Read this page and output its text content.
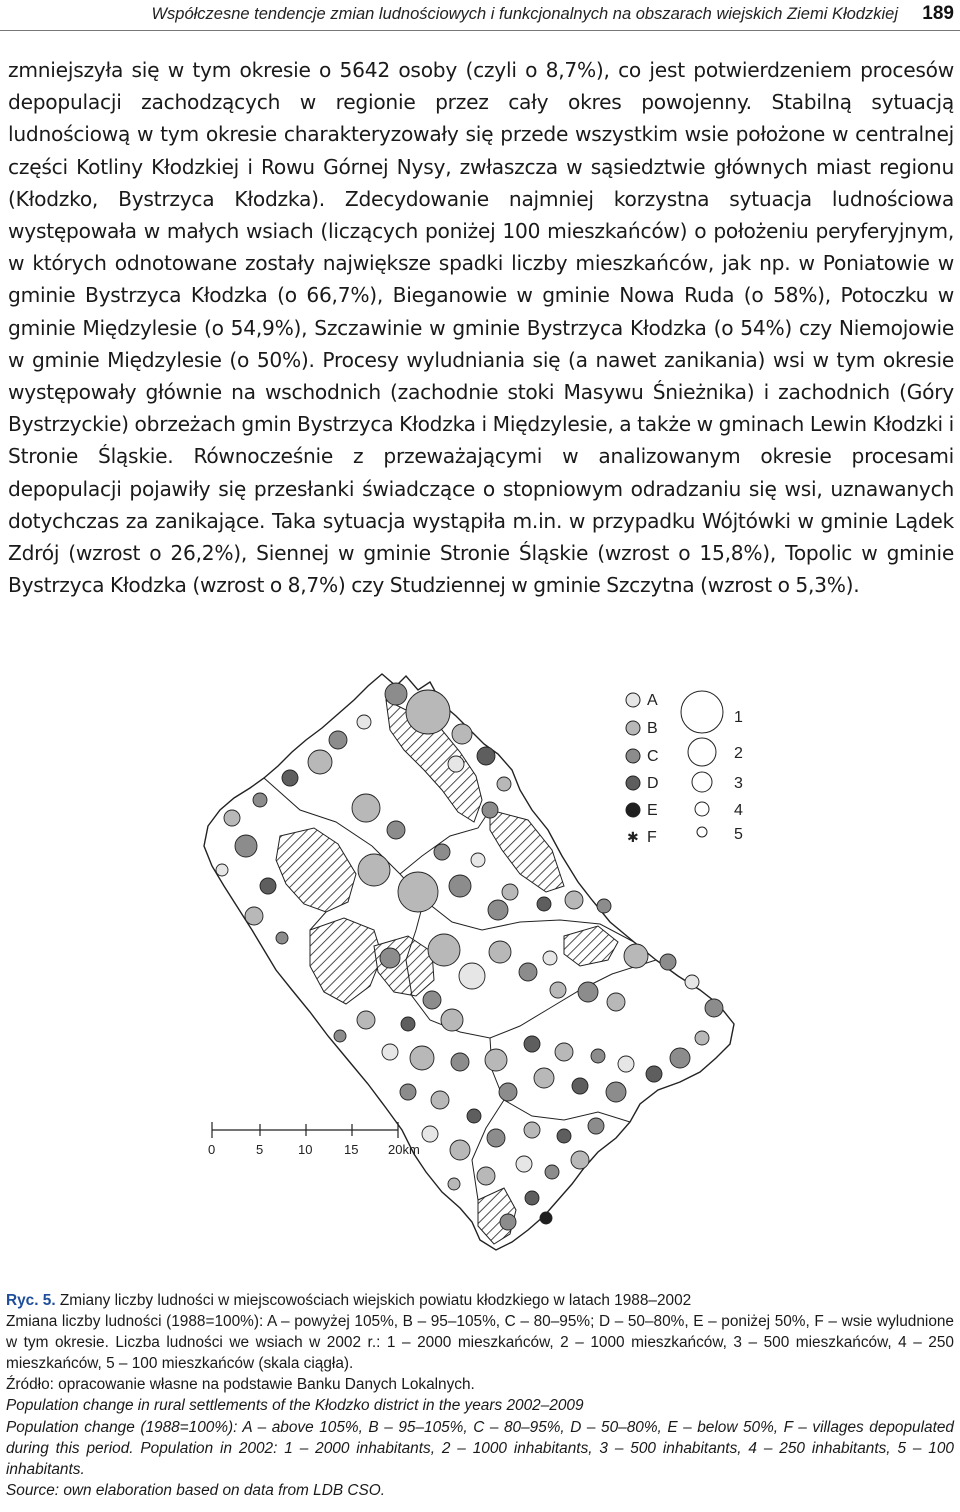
Współczesne tendencje zmian ludnościowych i funkcjonalnych na obszarach wiejskich Ziemi Kłodzkiej 189

zmniejszyła się w tym okresie o 5642 osoby (czyli o 8,7%), co jest potwierdzeniem procesów depopulacji zachodzących w regionie przez cały okres powojenny. Stabilną sytuacją ludnościową w tym okresie charakteryzowały się przede wszystkim wsie położone w centralnej części Kotliny Kłodzkiej i Rowu Górnej Nysy, zwłaszcza w sąsiedztwie głównych miast regionu (Kłodzko, Bystrzyca Kłodzka). Zdecydowanie najmniej korzystna sytuacja ludnościowa występowała w małych wsiach (liczących poniżej 100 mieszkańców) o położeniu peryferyjnym, w których odnotowane zostały największe spadki liczby mieszkańców, jak np. w Poniatowie w gminie Bystrzyca Kłodzka (o 66,7%), Bieganowie w gminie Nowa Ruda (o 58%), Potoczku w gminie Międzylesie (o 54,9%), Szczawinie w gminie Bystrzyca Kłodzka (o 54%) czy Niemojowie w gminie Międzylesie (o 50%). Procesy wyludniania się (a nawet zanikania) wsi w tym okresie występowały głównie na wschodnich (zachodnie stoki Masywu Śnieżnika) i zachodnich (Góry Bystrzyckie) obrzeżach gmin Bystrzyca Kłodzka i Międzylesie, a także w gminach Lewin Kłodzki i Stronie Śląskie. Równocześnie z przeważającymi w analizowanym okresie procesami depopulacji pojawiły się przesłanki świadczące o stopniowym odradzaniu się wsi, uznawanych dotychczas za zanikające. Taka sytuacja wystąpiła m.in. w przypadku Wójtówki w gminie Lądek Zdrój (wzrost o 26,2%), Siennej w gminie Stronie Śląskie (wzrost o 15,8%), Topolic w gminie Bystrzyca Kłodzka (wzrost o 8,7%) czy Studziennej w gminie Szczytna (wzrost o 5,3%).

A
B
C
D
E
✱ F
1
2
3
4
5
0	5	10 15 20km

Ryc. 5. Zmiany liczby ludności w miejscowościach wiejskich powiatu kłodzkiego w latach 1988–2002

Zmiana liczby ludności (1988=100%): A – powyżej 105%, B – 95–105%, C – 80–95%; D – 50–80%, E – poniżej 50%, F – wsie wyludnione w tym okresie. Liczba ludności we wsiach w 2002 r.: 1 – 2000 mieszkańców, 2 – 1000 mieszkańców, 3 – 500 mieszkańców, 4 – 250 mieszkańców, 5 – 100 mieszkańców (skala ciągła).

Źródło: opracowanie własne na podstawie Banku Danych Lokalnych.

Population change in rural settlements of the Kłodzko district in the years 2002–2009

Population change (1988=100%): A – above 105%, B – 95–105%, C – 80–95%, D – 50–80%, E – below 50%, F – villages depopulated during this period. Population in 2002: 1 – 2000 inhabitants, 2 – 1000 inhabitants, 3 – 500 inhabitants, 4 – 250 inhabitants, 5 – 100 inhabitants.

Source: own elaboration based on data from LDB CSO.
